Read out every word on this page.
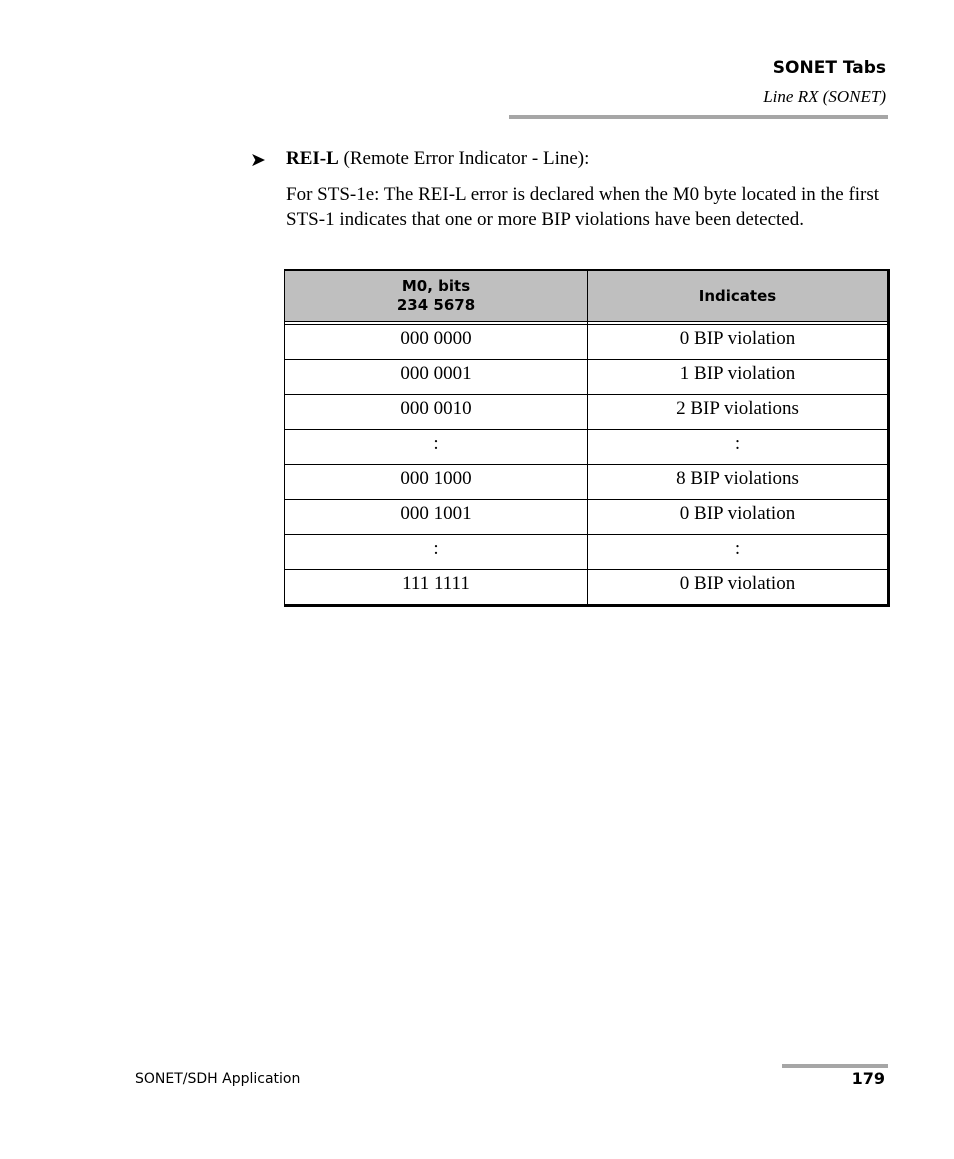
SONET Tabs
Line RX (SONET)
➤ REI-L (Remote Error Indicator - Line):
For STS-1e: The REI-L error is declared when the M0 byte located in the first STS-1 indicates that one or more BIP violations have been detected.
M0, bits
234 5678	Indicates

000 0000	0 BIP violation
000 0001	1 BIP violation
000 0010	2 BIP violations
:	:
000 1000	8 BIP violations
000 1001	0 BIP violation
:	:
111 1111	0 BIP violation
SONET/SDH Application	179
